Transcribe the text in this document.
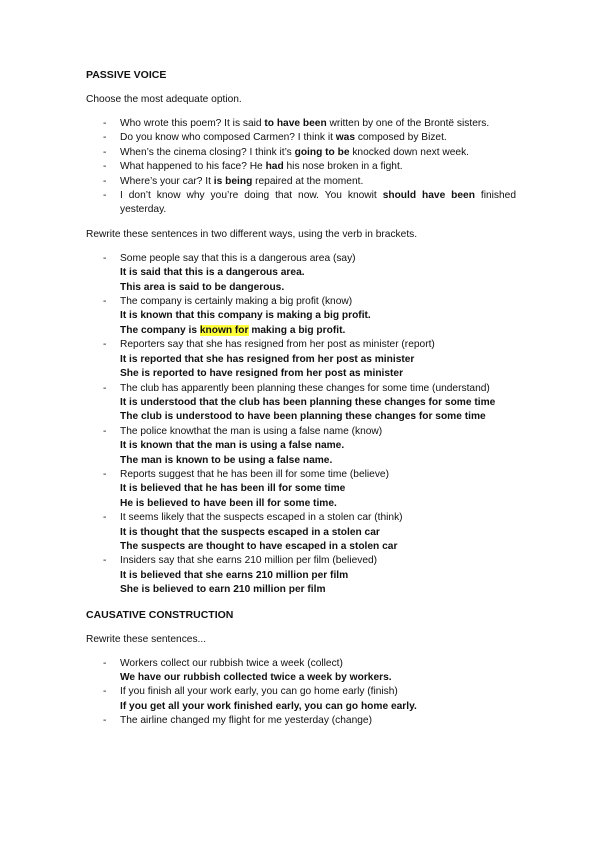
PASSIVE VOICE
Choose the most adequate option.
- Who wrote this poem? It is said to have been written by one of the Brontë sisters.
- Do you know who composed Carmen? I think it was composed by Bizet.
- When’s the cinema closing? I think it’s going to be knocked down next week.
- What happened to his face? He had his nose broken in a fight.
- Where’s your car? It is being repaired at the moment.
- I don’t know why you’re doing that now. You knowit should have been finished yesterday.
Rewrite these sentences in two different ways, using the verb in brackets.
- Some people say that this is a dangerous area (say)
It is said that this is a dangerous area.
This area is said to be dangerous.
- The company is certainly making a big profit (know)
It is known that this company is making a big profit.
The company is known for making a big profit.
- Reporters say that she has resigned from her post as minister (report)
It is reported that she has resigned from her post as minister
She is reported to have resigned from her post as minister
- The club has apparently been planning these changes for some time (understand)
It is understood that the club has been planning these changes for some time
The club is understood to have been planning these changes for some time
- The police knowthat the man is using a false name (know)
It is known that the man is using a false name.
The man is known to be using a false name.
- Reports suggest that he has been ill for some time (believe)
It is believed that he has been ill for some time
He is believed to have been ill for some time.
- It seems likely that the suspects escaped in a stolen car (think)
It is thought that the suspects escaped in a stolen car
The suspects are thought to have escaped in a stolen car
- Insiders say that she earns 210 million per film (believed)
It is believed that she earns 210 million per film
She is believed to earn 210 million per film
CAUSATIVE CONSTRUCTION
Rewrite these sentences...
- Workers collect our rubbish twice a week (collect)
We have our rubbish collected twice a week by workers.
- If you finish all your work early, you can go home early (finish)
If you get all your work finished early, you can go home early.
- The airline changed my flight for me yesterday (change)
